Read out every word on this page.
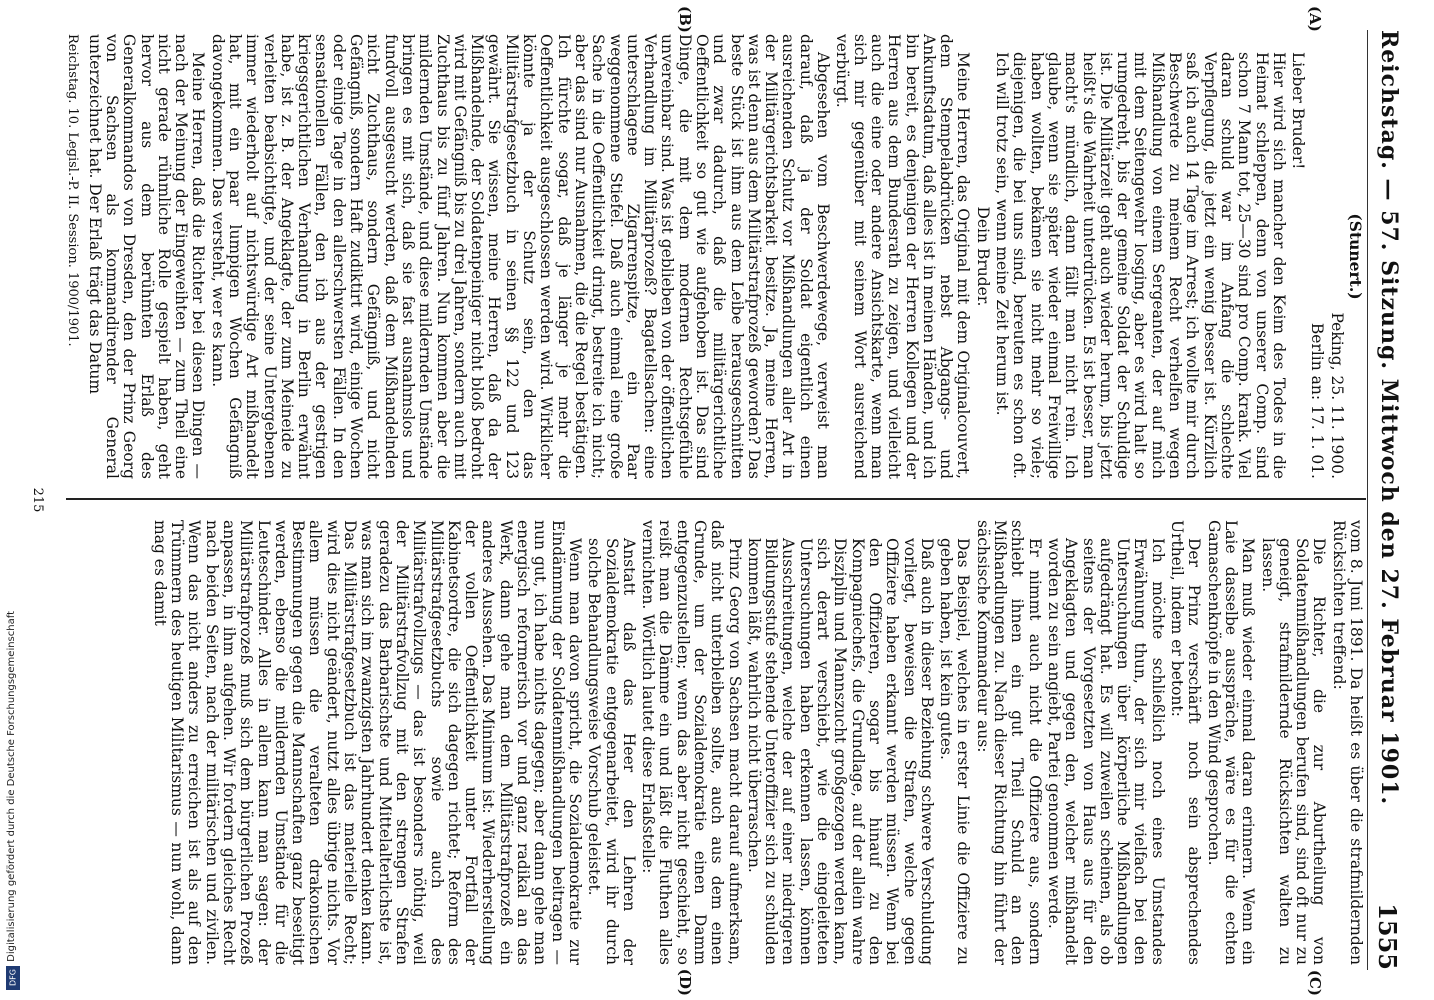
Reichstag. — 57. Sitzung. Mittwoch den 27. Februar 1901.
1555
(A)
(B)
(C)
(D)

(Stunert.)

Peking, 25. 11. 1900.

Berlin an: 17. 1. 01.

Lieber Bruder!

Hier wird sich mancher den Keim des Todes in die Heimat schleppen, denn von unserer Comp. sind schon 7 Mann tot, 25—30 sind pro Comp. krank. Viel daran schuld war im Anfang die schlechte Verpflegung, die jetzt ein wenig besser ist. Kürzlich saß ich auch 14 Tage im Arrest; ich wollte mir durch Beschwerde zu meinem Recht verhelfen wegen Mißhandlung von einem Sergeanten, der auf mich mit dem Seitengewehr losging, aber es wird halt so rumgedreht, bis der gemeine Soldat der Schuldige ist. Die Militärzeit geht auch wieder herum, bis jetzt heißt's die Wahrheit unterdrücken. Es ist besser, man macht's mündlich, dann fällt man nicht rein. Ich glaube, wenn sie später wieder einmal Freiwillige haben wollten, bekämen sie nicht mehr so viele; diejenigen, die bei uns sind, bereuten es schon oft. Ich will trotz sein, wenn meine Zeit herum ist.

Dein Bruder.

Meine Herren, das Original mit dem Originalcouvert, dem Stempelabdrücken nebst Abgangs- und Ankunftsdatum, daß alles ist in meinen Händen, und ich bin bereit, es denjenigen der Herren Kollegen und der Herren aus dem Bundesrath zu zeigen, und vielleicht auch die eine oder andere Ansichtskarte, wenn man sich mir gegenüber mit seinem Wort ausreichend verbürgt.

Abgesehen vom Beschwerdewege, verweist man darauf, daß ja der Soldat eigentlich einen ausreichenden Schutz vor Mißhandlungen aller Art in der Militärgerichtsbarkeit besitze. Ja, meine Herren, was ist denn aus dem Militärstrafprozeß geworden? Das beste Stück ist ihm aus dem Leibe herausgeschnitten und zwar dadurch, daß die militärgerichtliche Oeffentlichkeit so gut wie aufgehoben ist. Das sind Dinge, die mit dem modernen Rechtsgefühle unvereinbar sind. Was ist geblieben von der öffentlichen Verhandlung im Militärprozeß? Bagatellsachen: eine unterschlagene Zigarrenspitze, ein Paar weggenommene Stiefel. Daß auch einmal eine große Sache in die Oeffentlichkeit dringt, bestreite ich nicht; aber das sind nur Ausnahmen, die die Regel bestätigen. Ich fürchte sogar, daß je länger je mehr die Oeffentlichkeit ausgeschlossen werden wird. Wirklicher könnte ja der Schutz sein, den das Militärstrafgesetzbuch in seinen §§ 122 und 123 gewährt. Sie wissen, meine Herren, daß da der Mißhandelnde, der Soldatenpeiniger nicht bloß bedroht wird mit Gefängniß bis zu drei Jahren, sondern auch mit Zuchthaus bis zu fünf Jahren. Nun kommen aber die mildernden Umstände, und diese mildernden Umstände bringen es mit sich, daß sie fast ausnahmslos und fundvoll ausgesucht werden, daß dem Mißhandelnden nicht Zuchthaus, sondern Gefängniß, und nicht Gefängniß, sondern Haft zudiktirt wird, einige Wochen oder einige Tage in den allerschwersten Fällen. In den sensationellen Fällen, den ich aus der gestrigen kriegsgerichtlichen Verhandlung in Berlin erwähnt habe, ist z. B. der Angeklagte, der zum Meineide zu verleiten beabsichtigte, und der seine Untergebenen immer wiederholt auf nichtswürdige Art mißhandelt hat, mit ein paar lumpigen Wochen Gefängniß davongekommen. Das versteht, wer es kann.

Meine Herren, daß die Richter bei diesen Dingen — nach der Meinung der Eingeweihten — zum Theil eine nicht gerade rühmliche Rolle gespielt haben, geht hervor aus dem berühmten Erlaß des Generalkommandos von Dresden, den der Prinz Georg von Sachsen als kommandirender General unterzeichnet hat. Der Erlaß trägt das Datum

Reichstag. 10. Legisl.-P. II. Session. 1900/1901.

vom 8. Juni 1891. Da heißt es über die strafmildernden Rücksichten treffend:

Die Richter, die zur Aburtheilung von Soldatenmißhandlungen berufen sind, sind oft nur zu geneigt, strafmildernde Rücksichten walten zu lassen.

Man muß wieder einmal daran erinnern. Wenn ein Laie dasselbe ausspräche, wäre es für die echten Gamaschenknöpfe in den Wind gesprochen.

Der Prinz verschärft noch sein absprechendes Urtheil, indem er betont:

Ich möchte schließlich noch eines Umstandes Erwähnung thun, der sich mir vielfach bei den Untersuchungen über körperliche Mißhandlungen aufgedrängt hat. Es will zuweilen scheinen, als ob seitens der Vorgesetzten von Haus aus für den Angeklagten und gegen den, welcher mißhandelt worden zu sein angiebt, Partei genommen werde.

Er nimmt auch nicht die Offiziere aus, sondern schiebt ihnen ein gut Theil Schuld an den Mißhandlungen zu. Nach dieser Richtung hin führt der sächsische Kommandeur aus:

Das Beispiel, welches in erster Linie die Offiziere zu geben haben, ist kein gutes.

Daß auch in dieser Beziehung schwere Verschuldung vorliegt, beweisen die Strafen, welche gegen Offiziere haben erkannt werden müssen. Wenn bei den Offizieren, sogar bis hinauf zu den Kompagniechefs, die Grundlage, auf der allein wahre Disziplin und Mannszucht großgezogen werden kann, sich derart verschiebt, wie die eingeleiteten Untersuchungen haben erkennen lassen, können Ausschreitungen, welche der auf einer niedrigeren Bildungsstufe stehende Unteroffizier sich zu schulden kommen läßt, wahrlich nicht überraschen.

Prinz Georg von Sachsen macht darauf aufmerksam, daß nicht unterbleiben sollte, auch aus dem einen Grunde, um der Sozialdemokratie einen Damm entgegenzustellen; wenn das aber nicht geschieht, so reißt man die Dämme ein und läßt die Fluthen alles vernichten. Wörtlich lautet diese Erlaßstelle:

Anstatt daß das Heer den Lehren der Sozialdemokratie entgegenarbeitet, wird ihr durch solche Behandlungsweise Vorschub geleistet.

Wenn man davon spricht, die Sozialdemokratie zur Eindämmung der Soldatenmißhandlungen beitragen — nun gut, ich habe nichts dagegen; aber dann gehe man energisch reformerisch vor und ganz radikal an das Werk, dann gehe man dem Militärstrafprozeß ein anderes Aussehen. Das Minimum ist: Wiederherstellung der vollen Oeffentlichkeit unter Fortfall der Kabinetsordre, die sich dagegen richtet; Reform des Militärstrafgesetzbuchs sowie auch des Militärstrafvollzugs — das ist besonders nöthig, weil der Militärstrafvollzug mit den strengen Strafen geradezu das Barbarischste und Mittelalterlichste ist, was man sich im zwanzigsten Jahrhundert denken kann. Das Militärstrafgesetzbuch ist das materielle Recht; wird dies nicht geändert, nutzt alles übrige nichts. Vor allem müssen die veralteten drakonischen Bestimmungen gegen die Mannschaften ganz beseitigt werden, ebenso die mildernden Umstände für die Leuteschinder. Alles in allem kann man sagen: der Militärstrafprozeß muß sich dem bürgerlichen Prozeß anpassen, in ihm aufgehen. Wir fordern gleiches Recht nach beiden Seiten, nach der militärischen und zivilen. Wenn das nicht anders zu erreichen ist als auf den Trümmern des heutigen Militarismus — nun wohl, dann mag es damit

215
Digitalisierung gefördert durch die Deutsche Forschungsgemeinschaft
DFG
